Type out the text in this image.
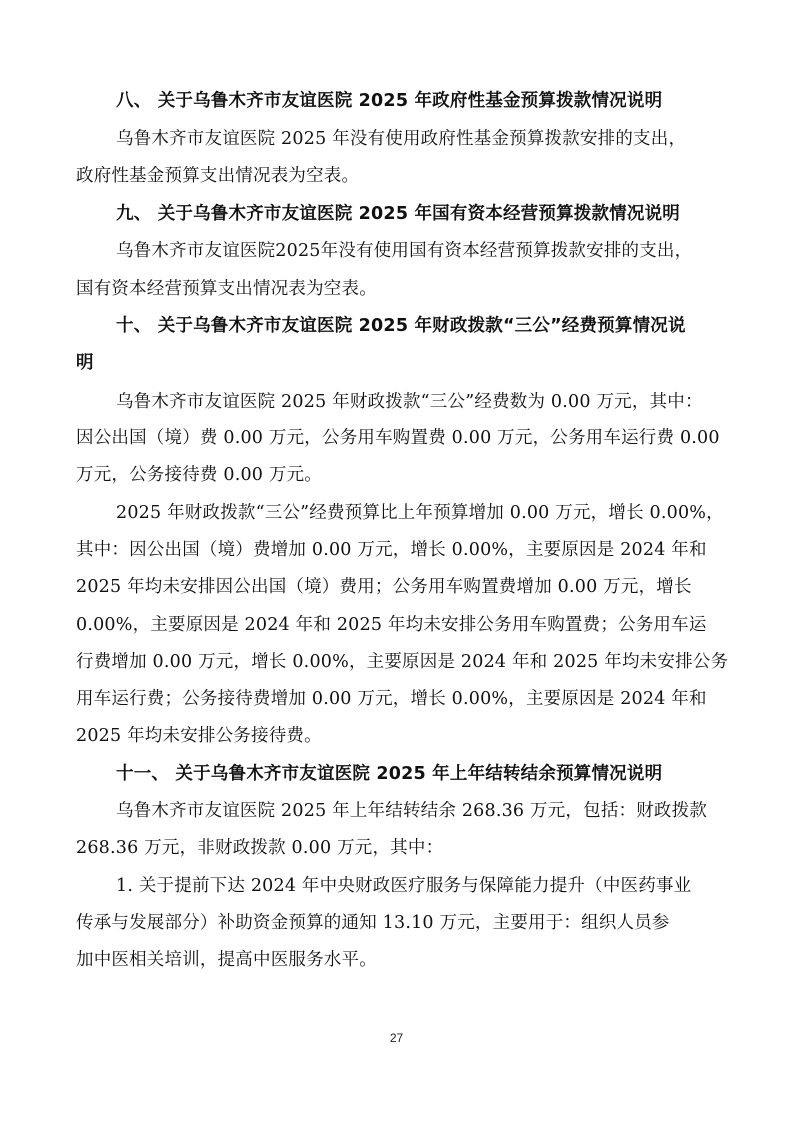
八、 关于乌鲁木齐市友谊医院 2025 年政府性基金预算拨款情况说明
乌鲁木齐市友谊医院 2025 年没有使用政府性基金预算拨款安排的支出，
政府性基金预算支出情况表为空表。
九、 关于乌鲁木齐市友谊医院 2025 年国有资本经营预算拨款情况说明
乌鲁木齐市友谊医院2025年没有使用国有资本经营预算拨款安排的支出，
国有资本经营预算支出情况表为空表。
十、 关于乌鲁木齐市友谊医院 2025 年财政拨款“三公”经费预算情况说
明
乌鲁木齐市友谊医院 2025 年财政拨款“三公”经费数为 0.00 万元，其中：
因公出国（境）费 0.00 万元，公务用车购置费 0.00 万元，公务用车运行费 0.00
万元，公务接待费 0.00 万元。
2025 年财政拨款“三公”经费预算比上年预算增加 0.00 万元，增长 0.00%，
其中：因公出国（境）费增加 0.00 万元，增长 0.00%，主要原因是 2024 年和
2025 年均未安排因公出国（境）费用；公务用车购置费增加 0.00 万元，增长
0.00%，主要原因是 2024 年和 2025 年均未安排公务用车购置费；公务用车运
行费增加 0.00 万元，增长 0.00%，主要原因是 2024 年和 2025 年均未安排公务
用车运行费；公务接待费增加 0.00 万元，增长 0.00%，主要原因是 2024 年和
2025 年均未安排公务接待费。
十一、 关于乌鲁木齐市友谊医院 2025 年上年结转结余预算情况说明
乌鲁木齐市友谊医院 2025 年上年结转结余 268.36 万元，包括：财政拨款
268.36 万元，非财政拨款 0.00 万元，其中：
1. 关于提前下达 2024 年中央财政医疗服务与保障能力提升（中医药事业
传承与发展部分）补助资金预算的通知 13.10 万元，主要用于：组织人员参
加中医相关培训，提高中医服务水平。
27
